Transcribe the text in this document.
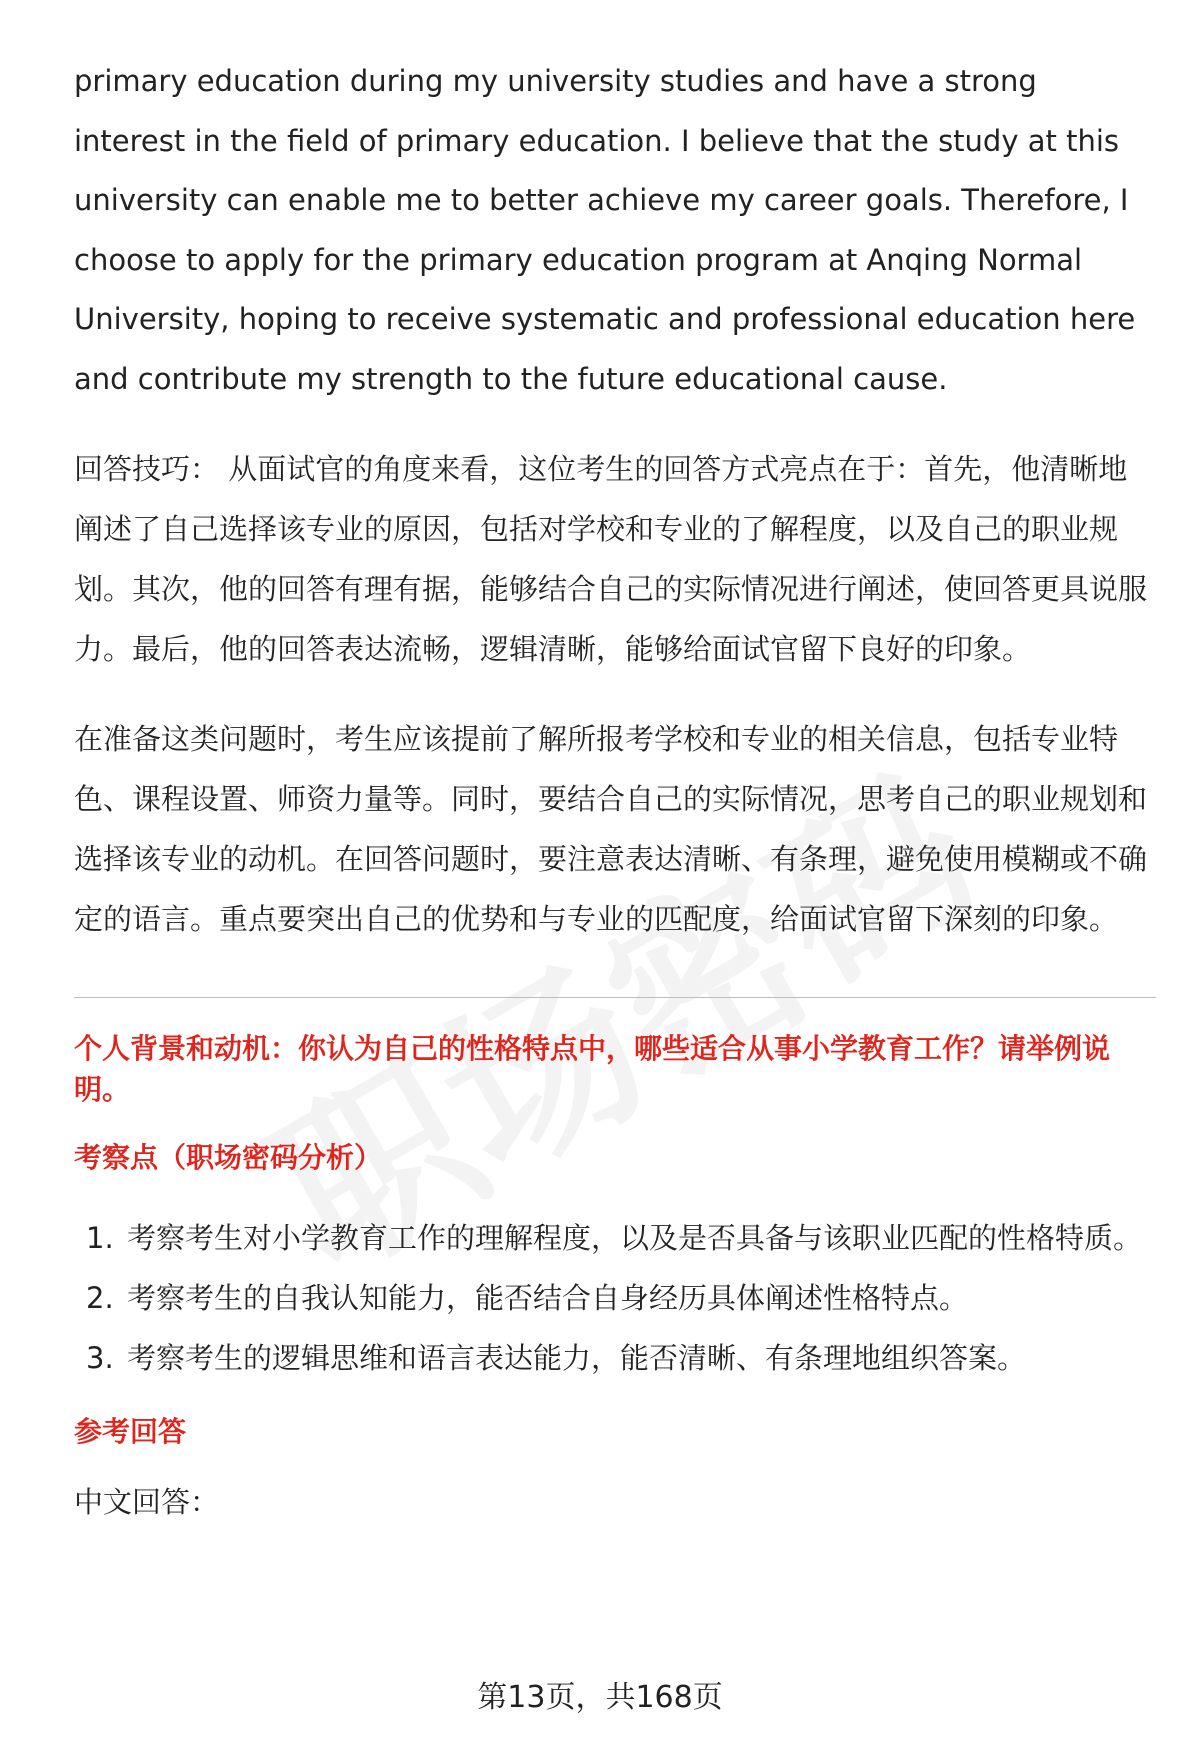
primary education during my university studies and have a strong interest in the field of primary education. I believe that the study at this university can enable me to better achieve my career goals. Therefore, I choose to apply for the primary education program at Anqing Normal University, hoping to receive systematic and professional education here and contribute my strength to the future educational cause.

回答技巧： 从面试官的角度来看，这位考生的回答方式亮点在于：首先，他清晰地阐述了自己选择该专业的原因，包括对学校和专业的了解程度，以及自己的职业规划。其次，他的回答有理有据，能够结合自己的实际情况进行阐述，使回答更具说服力。最后，他的回答表达流畅，逻辑清晰，能够给面试官留下良好的印象。

在准备这类问题时，考生应该提前了解所报考学校和专业的相关信息，包括专业特色、课程设置、师资力量等。同时，要结合自己的实际情况，思考自己的职业规划和选择该专业的动机。在回答问题时，要注意表达清晰、有条理，避免使用模糊或不确定的语言。重点要突出自己的优势和与专业的匹配度，给面试官留下深刻的印象。

个人背景和动机：你认为自己的性格特点中，哪些适合从事小学教育工作？请举例说明。
考察点（职场密码分析）
1. 考察考生对小学教育工作的理解程度，以及是否具备与该职业匹配的性格特质。
2. 考察考生的自我认知能力，能否结合自身经历具体阐述性格特点。
3. 考察考生的逻辑思维和语言表达能力，能否清晰、有条理地组织答案。
参考回答
中文回答：
第13页，共168页
